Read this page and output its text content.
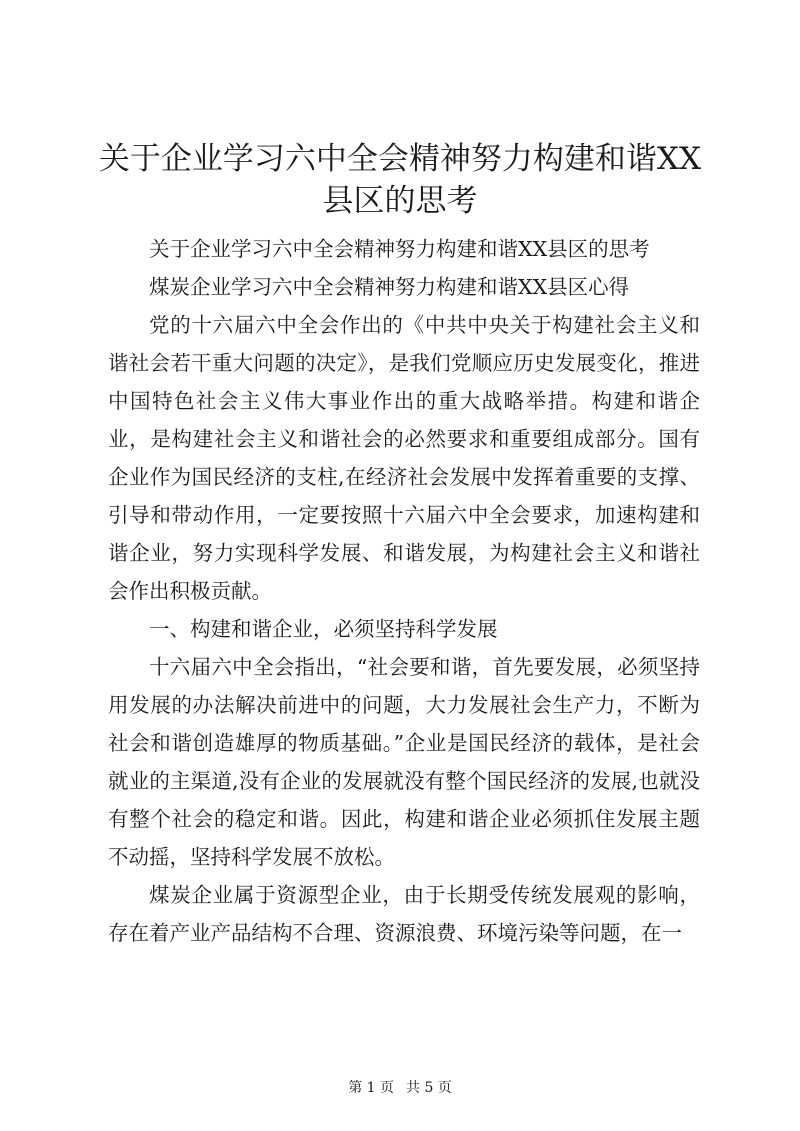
关于企业学习六中全会精神努力构建和谐XX县区的思考

关于企业学习六中全会精神努力构建和谐XX县区的思考

煤炭企业学习六中全会精神努力构建和谐XX县区心得

党的十六届六中全会作出的《中共中央关于构建社会主义和谐社会若干重大问题的决定》，是我们党顺应历史发展变化，推进中国特色社会主义伟大事业作出的重大战略举措。构建和谐企业，是构建社会主义和谐社会的必然要求和重要组成部分。国有企业作为国民经济的支柱,在经济社会发展中发挥着重要的支撑、引导和带动作用，一定要按照十六届六中全会要求，加速构建和谐企业，努力实现科学发展、和谐发展，为构建社会主义和谐社会作出积极贡献。

一、构建和谐企业，必须坚持科学发展

十六届六中全会指出，“社会要和谐，首先要发展，必须坚持用发展的办法解决前进中的问题，大力发展社会生产力，不断为社会和谐创造雄厚的物质基础。”企业是国民经济的载体，是社会就业的主渠道,没有企业的发展就没有整个国民经济的发展,也就没有整个社会的稳定和谐。因此，构建和谐企业必须抓住发展主题不动摇，坚持科学发展不放松。

煤炭企业属于资源型企业，由于长期受传统发展观的影响，存在着产业产品结构不合理、资源浪费、环境污染等问题，在一

第 1 页 共 5 页
